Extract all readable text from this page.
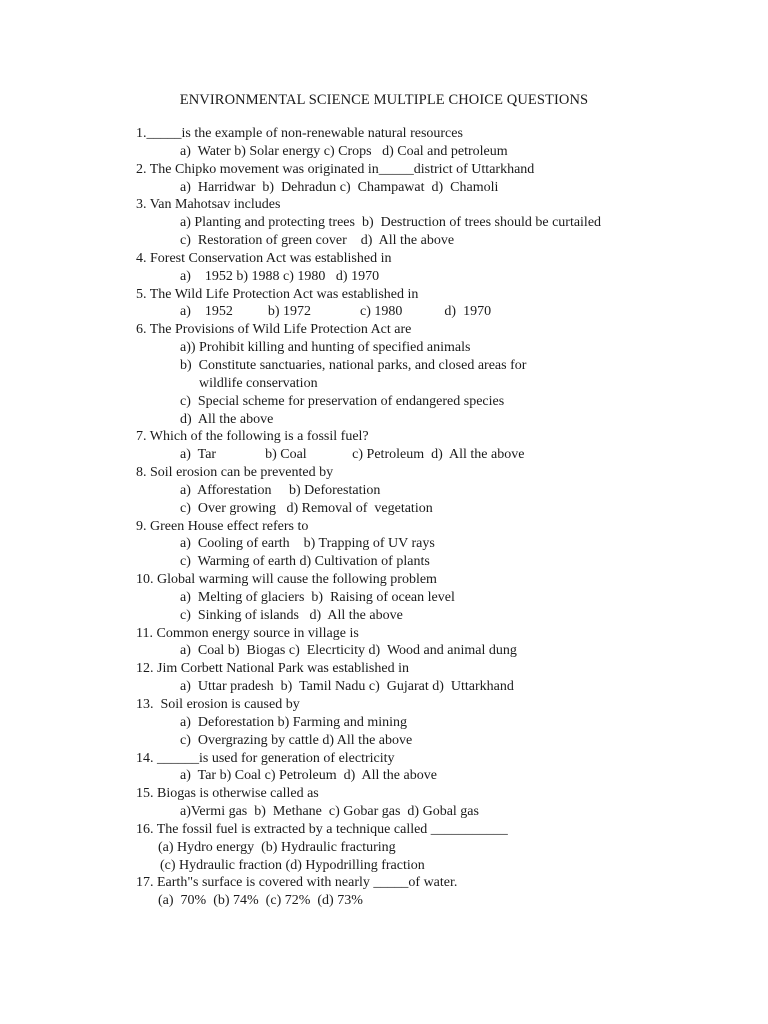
ENVIRONMENTAL SCIENCE MULTIPLE CHOICE QUESTIONS
1._____is the example of non-renewable natural resources
a)  Water b) Solar energy c) Crops   d) Coal and petroleum
2. The Chipko movement was originated in_____district of Uttarkhand
a)  Harridwar  b)  Dehradun c)  Champawat  d)  Chamoli
3. Van Mahotsav includes
a) Planting and protecting trees  b)  Destruction of trees should be curtailed
c)  Restoration of green cover    d)  All the above
4. Forest Conservation Act was established in
a)    1952 b) 1988 c) 1980   d) 1970
5. The Wild Life Protection Act was established in
a)    1952          b) 1972              c) 1980            d)  1970
6. The Provisions of Wild Life Protection Act are
a)) Prohibit killing and hunting of specified animals
b)  Constitute sanctuaries, national parks, and closed areas for
wildlife conservation
c)  Special scheme for preservation of endangered species
d)  All the above
7. Which of the following is a fossil fuel?
a)  Tar              b) Coal             c) Petroleum  d)  All the above
8. Soil erosion can be prevented by
a)  Afforestation     b) Deforestation
c)  Over growing   d) Removal of  vegetation
9. Green House effect refers to
a)  Cooling of earth    b) Trapping of UV rays
c)  Warming of earth d) Cultivation of plants
10. Global warming will cause the following problem
a)  Melting of glaciers  b)  Raising of ocean level
c)  Sinking of islands   d)  All the above
11. Common energy source in village is
a)  Coal b)  Biogas c)  Elecrticity d)  Wood and animal dung
12. Jim Corbett National Park was established in
a)  Uttar pradesh  b)  Tamil Nadu c)  Gujarat d)  Uttarkhand
13.  Soil erosion is caused by
a)  Deforestation b) Farming and mining
c)  Overgrazing by cattle d) All the above
14. ______is used for generation of electricity
a)  Tar b) Coal c) Petroleum  d)  All the above
15. Biogas is otherwise called as
a)Vermi gas  b)  Methane  c) Gobar gas  d) Gobal gas
16. The fossil fuel is extracted by a technique called ___________
(a) Hydro energy  (b) Hydraulic fracturing
(c) Hydraulic fraction (d) Hypodrilling fraction
17. Earth"s surface is covered with nearly _____of water.
(a)  70%  (b) 74%  (c) 72%  (d) 73%
